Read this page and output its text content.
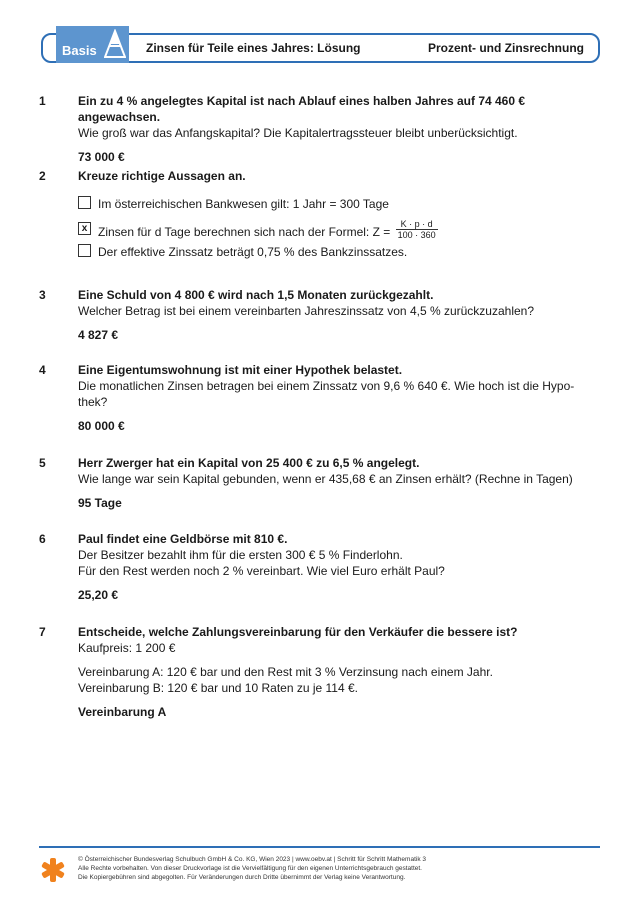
Basis	Zinsen für Teile eines Jahres: Lösung	Prozent- und Zinsrechnung
1	Ein zu 4 % angelegtes Kapital ist nach Ablauf eines halben Jahres auf 74 460 € angewachsen.
Wie groß war das Anfangskapital? Die Kapitalertragssteuer bleibt unberücksichtigt.
73 000 €
2	Kreuze richtige Aussagen an.
Im österreichischen Bankwesen gilt: 1 Jahr = 300 Tage
x Zinsen für d Tage berechnen sich nach der Formel: $Z = \frac{K \cdot p \cdot d}{100 \cdot 360}$
Der effektive Zinssatz beträgt 0,75 % des Bankzinssatzes.
3	Eine Schuld von 4 800 € wird nach 1,5 Monaten zurückgezahlt.
Welcher Betrag ist bei einem vereinbarten Jahreszinssatz von 4,5 % zurückzuzahlen?
4 827 €
4	Eine Eigentumswohnung ist mit einer Hypothek belastet.
Die monatlichen Zinsen betragen bei einem Zinssatz von 9,6 % 640 €. Wie hoch ist die Hypo-
thek?
80 000 €
5	Herr Zwerger hat ein Kapital von 25 400 € zu 6,5 % angelegt.
Wie lange war sein Kapital gebunden, wenn er 435,68 € an Zinsen erhält? (Rechne in Tagen)
95 Tage
6	Paul findet eine Geldbörse mit 810 €.
Der Besitzer bezahlt ihm für die ersten 300 € 5 % Finderlohn.
Für den Rest werden noch 2 % vereinbart. Wie viel Euro erhält Paul?
25,20 €
7	Entscheide, welche Zahlungsvereinbarung für den Verkäufer die bessere ist?
Kaufpreis: 1 200 €
Vereinbarung A: 120 € bar und den Rest mit 3 % Verzinsung nach einem Jahr.
Vereinbarung B: 120 € bar und 10 Raten zu je 114 €.
Vereinbarung A
© Österreichischer Bundesverlag Schulbuch GmbH & Co. KG, Wien 2023 | www.oebv.at | Schritt für Schritt Mathematik 3
Alle Rechte vorbehalten. Von dieser Druckvorlage ist die Vervielfältigung für den eigenen Unterrichtsgebrauch gestattet.
Die Kopiergebühren sind abgegolten. Für Veränderungen durch Dritte übernimmt der Verlag keine Verantwortung.
